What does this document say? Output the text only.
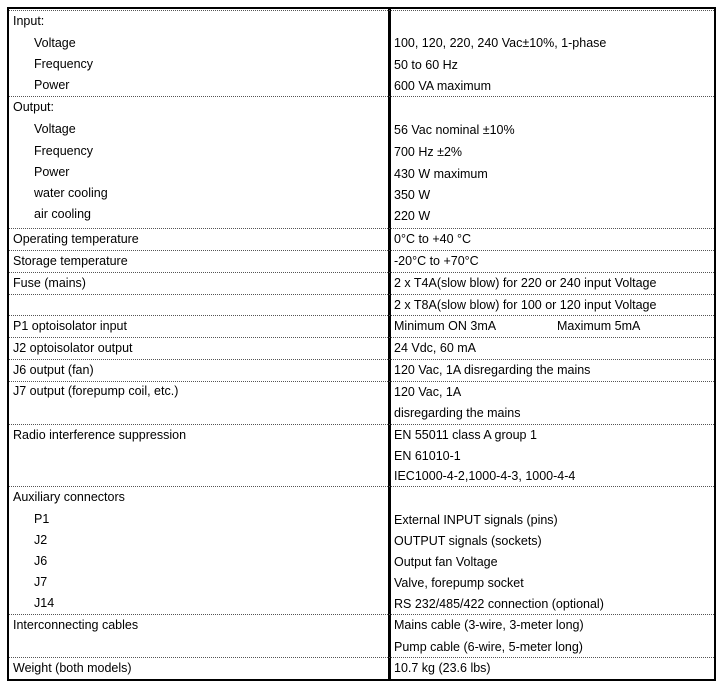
Input:
Voltage	100, 120, 220, 240 Vac±10%, 1-phase
Frequency	50 to 60 Hz
Power	600 VA maximum
Output:
Voltage	56 Vac nominal ±10%
Frequency	700 Hz ±2%
Power	430 W maximum
water cooling	350 W
air cooling	220 W
Operating temperature	0°C to +40 °C
Storage temperature	-20°C to +70°C
Fuse (mains)	2 x T4A(slow blow) for 220 or 240 input Voltage
2 x T8A(slow blow) for 100 or 120 input Voltage
P1 optoisolator input	Minimum ON 3mA	Maximum 5mA
J2 optoisolator output	24 Vdc, 60 mA
J6 output (fan)	120 Vac, 1A disregarding the mains
J7 output (forepump coil, etc.)	120 Vac, 1A
disregarding the mains
Radio interference suppression	EN 55011 class A group 1
EN 61010-1
IEC1000-4-2,1000-4-3, 1000-4-4
Auxiliary connectors
P1	External INPUT signals (pins)
J2	OUTPUT signals (sockets)
J6	Output fan Voltage
J7	Valve, forepump socket
J14	RS 232/485/422 connection (optional)
Interconnecting cables	Mains cable (3-wire, 3-meter long)
Pump cable (6-wire, 5-meter long)
Weight (both models)	10.7 kg (23.6 lbs)
